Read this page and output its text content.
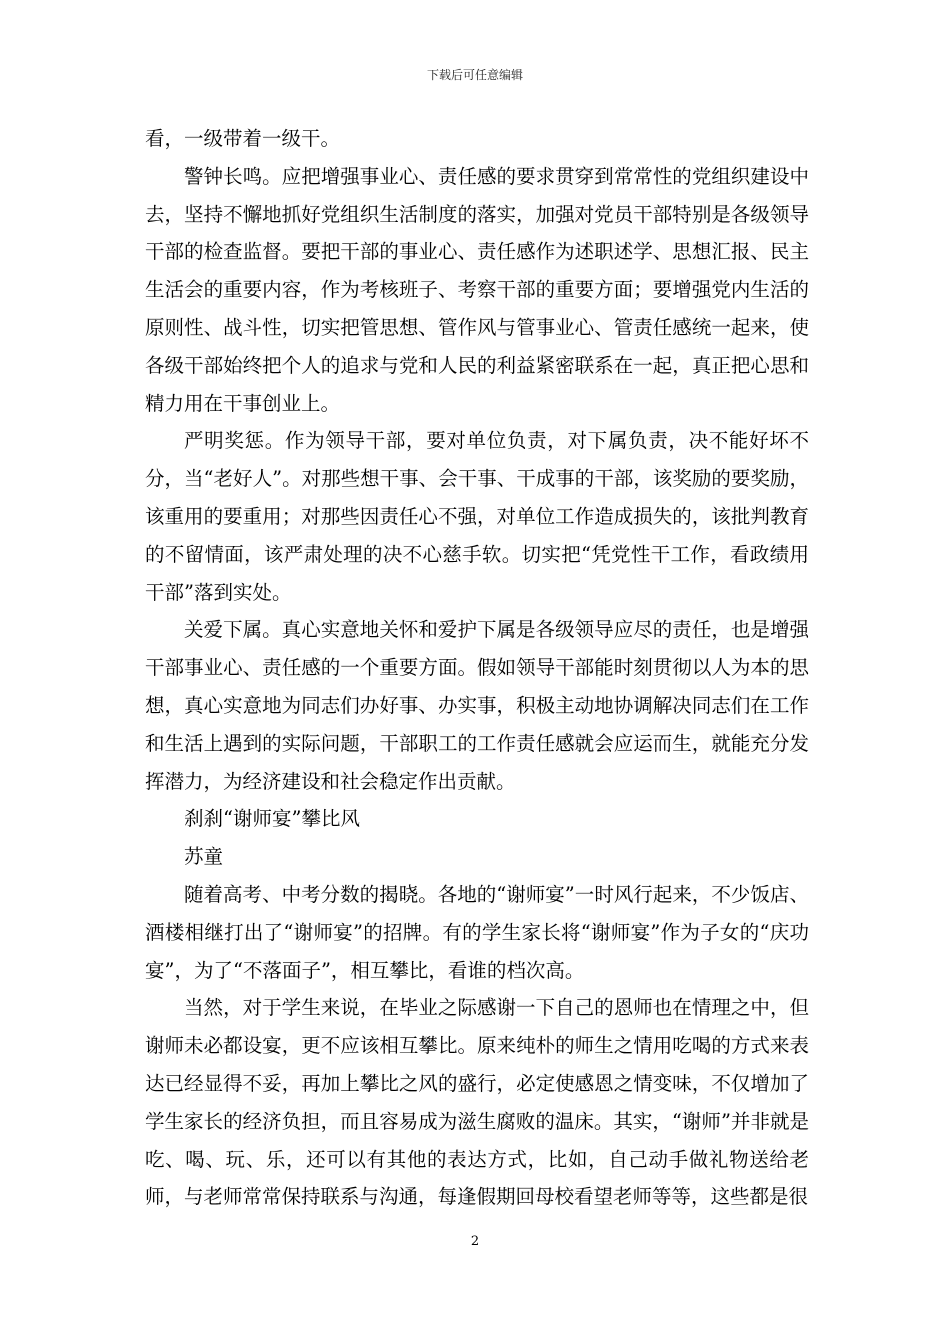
下载后可任意编辑

看，一级带着一级干。

警钟长鸣。应把增强事业心、责任感的要求贯穿到常常性的党组织建设中去，坚持不懈地抓好党组织生活制度的落实，加强对党员干部特别是各级领导干部的检查监督。要把干部的事业心、责任感作为述职述学、思想汇报、民主生活会的重要内容，作为考核班子、考察干部的重要方面；要增强党内生活的原则性、战斗性，切实把管思想、管作风与管事业心、管责任感统一起来，使各级干部始终把个人的追求与党和人民的利益紧密联系在一起，真正把心思和精力用在干事创业上。

严明奖惩。作为领导干部，要对单位负责，对下属负责，决不能好坏不分，当“老好人”。对那些想干事、会干事、干成事的干部，该奖励的要奖励，该重用的要重用；对那些因责任心不强，对单位工作造成损失的，该批判教育的不留情面，该严肃处理的决不心慈手软。切实把“凭党性干工作，看政绩用干部”落到实处。

关爱下属。真心实意地关怀和爱护下属是各级领导应尽的责任，也是增强干部事业心、责任感的一个重要方面。假如领导干部能时刻贯彻以人为本的思想，真心实意地为同志们办好事、办实事，积极主动地协调解决同志们在工作和生活上遇到的实际问题，干部职工的工作责任感就会应运而生，就能充分发挥潜力，为经济建设和社会稳定作出贡献。

刹刹“谢师宴”攀比风

苏童

随着高考、中考分数的揭晓。各地的“谢师宴”一时风行起来，不少饭店、酒楼相继打出了“谢师宴”的招牌。有的学生家长将“谢师宴”作为子女的“庆功宴”，为了“不落面子”，相互攀比，看谁的档次高。

当然，对于学生来说，在毕业之际感谢一下自己的恩师也在情理之中，但谢师未必都设宴，更不应该相互攀比。原来纯朴的师生之情用吃喝的方式来表达已经显得不妥，再加上攀比之风的盛行，必定使感恩之情变味，不仅增加了学生家长的经济负担，而且容易成为滋生腐败的温床。其实，“谢师”并非就是吃、喝、玩、乐，还可以有其他的表达方式，比如，自己动手做礼物送给老师，与老师常常保持联系与沟通，每逢假期回母校看望老师等等，这些都是很

2
